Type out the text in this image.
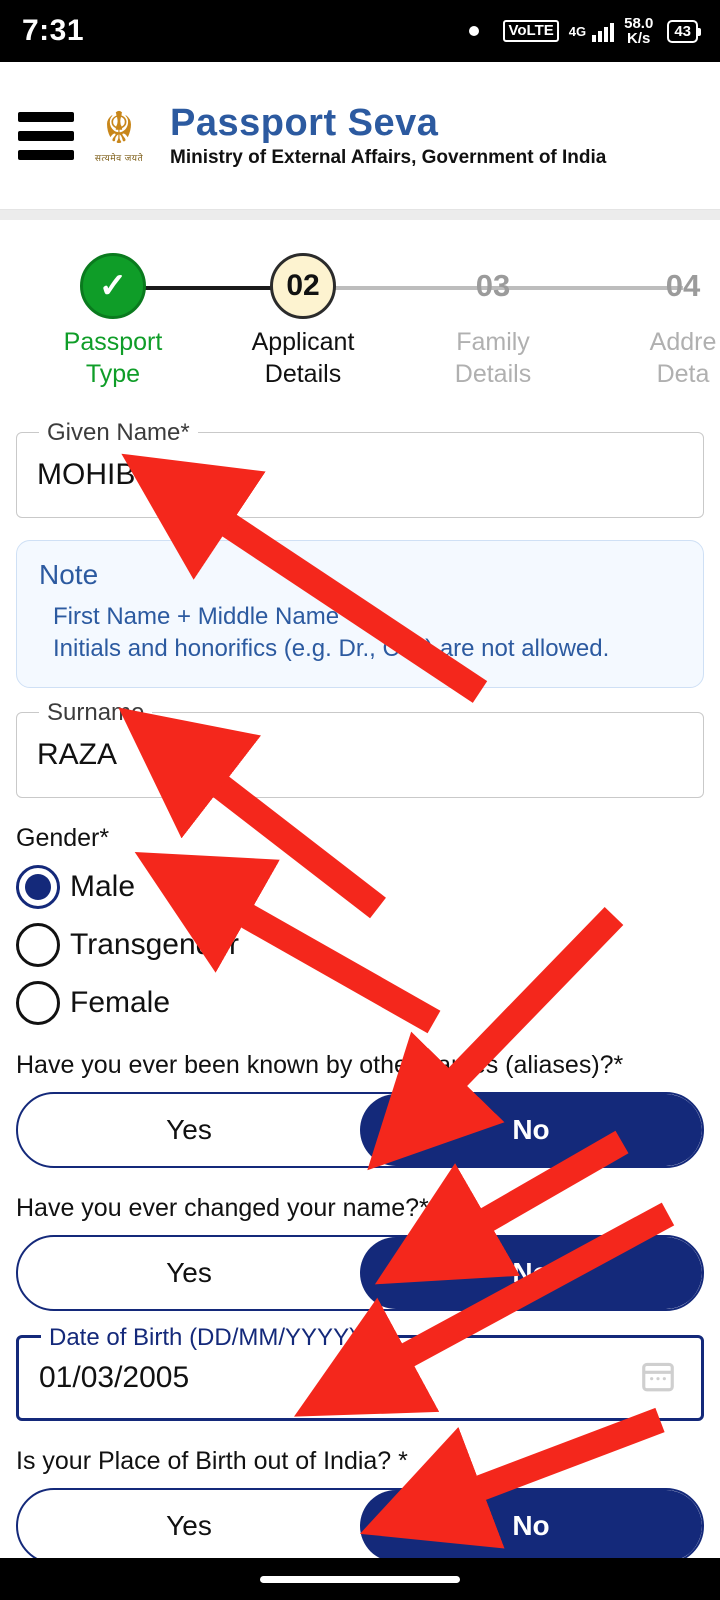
7:31	VoLTE	4G	58.0
K/s	43
☬
सत्यमेव जयते
Passport Seva
Ministry of External Affairs, Government of India
✓
Passport
Type
02
Applicant
Details
03
Family
Details
04
Addre
Deta
Given Name*
MOHIB
Note
First Name + Middle Name
Initials and honorifics (e.g. Dr., Col.) are not allowed.
Surname
RAZA
Gender*
Male
Transgender
Female
Have you ever been known by other names (aliases)?*
Yes	No
Have you ever changed your name?*
Yes	No
Date of Birth (DD/MM/YYYY)*
01/03/2005
Is your Place of Birth out of India? *
Yes	No
